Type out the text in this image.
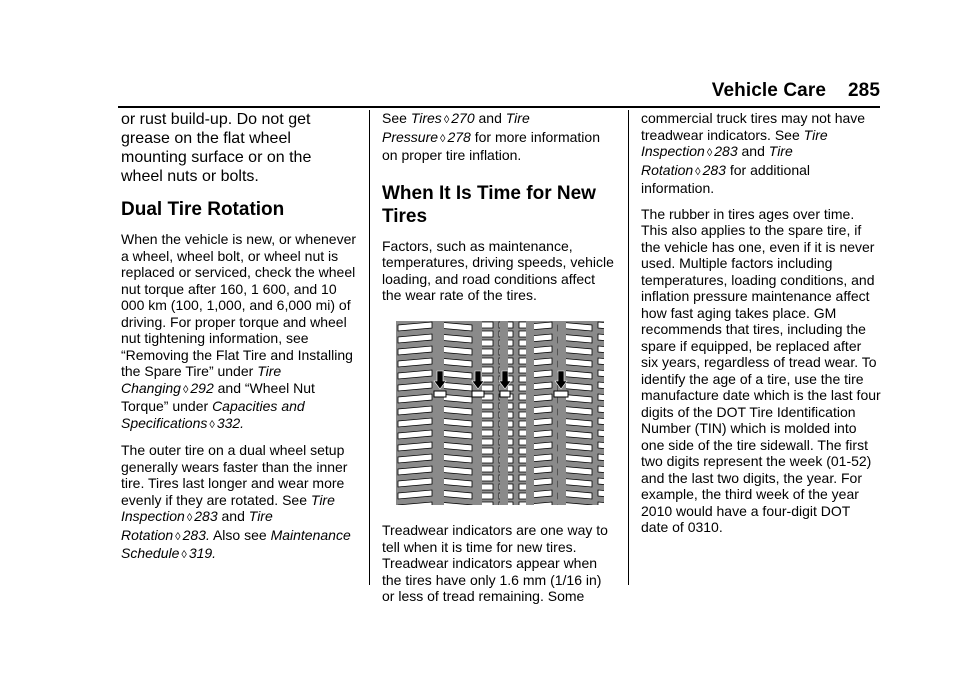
Vehicle Care 285

or rust build-up. Do not get grease on the flat wheel mounting surface or on the wheel nuts or bolts.

Dual Tire Rotation

When the vehicle is new, or whenever a wheel, wheel bolt, or wheel nut is replaced or serviced, check the wheel nut torque after 160, 1 600, and 10 000 km (100, 1,000, and 6,000 mi) of driving. For proper torque and wheel nut tightening information, see “Removing the Flat Tire and Installing the Spare Tire” under Tire Changing ◊ 292 and “Wheel Nut Torque” under Capacities and Specifications ◊ 332.

The outer tire on a dual wheel setup generally wears faster than the inner tire. Tires last longer and wear more evenly if they are rotated. See Tire Inspection ◊ 283 and Tire Rotation ◊ 283. Also see Maintenance Schedule ◊ 319.

See Tires ◊ 270 and Tire Pressure ◊ 278 for more information on proper tire inflation.

When It Is Time for New Tires

Factors, such as maintenance, temperatures, driving speeds, vehicle loading, and road conditions affect the wear rate of the tires.

Treadwear indicators are one way to tell when it is time for new tires. Treadwear indicators appear when the tires have only 1.6 mm (1/16 in) or less of tread remaining. Some

commercial truck tires may not have treadwear indicators. See Tire Inspection ◊ 283 and Tire Rotation ◊ 283 for additional information.

The rubber in tires ages over time. This also applies to the spare tire, if the vehicle has one, even if it is never used. Multiple factors including temperatures, loading conditions, and inflation pressure maintenance affect how fast aging takes place. GM recommends that tires, including the spare if equipped, be replaced after six years, regardless of tread wear. To identify the age of a tire, use the tire manufacture date which is the last four digits of the DOT Tire Identification Number (TIN) which is molded into one side of the tire sidewall. The first two digits represent the week (01-52) and the last two digits, the year. For example, the third week of the year 2010 would have a four-digit DOT date of 0310.
